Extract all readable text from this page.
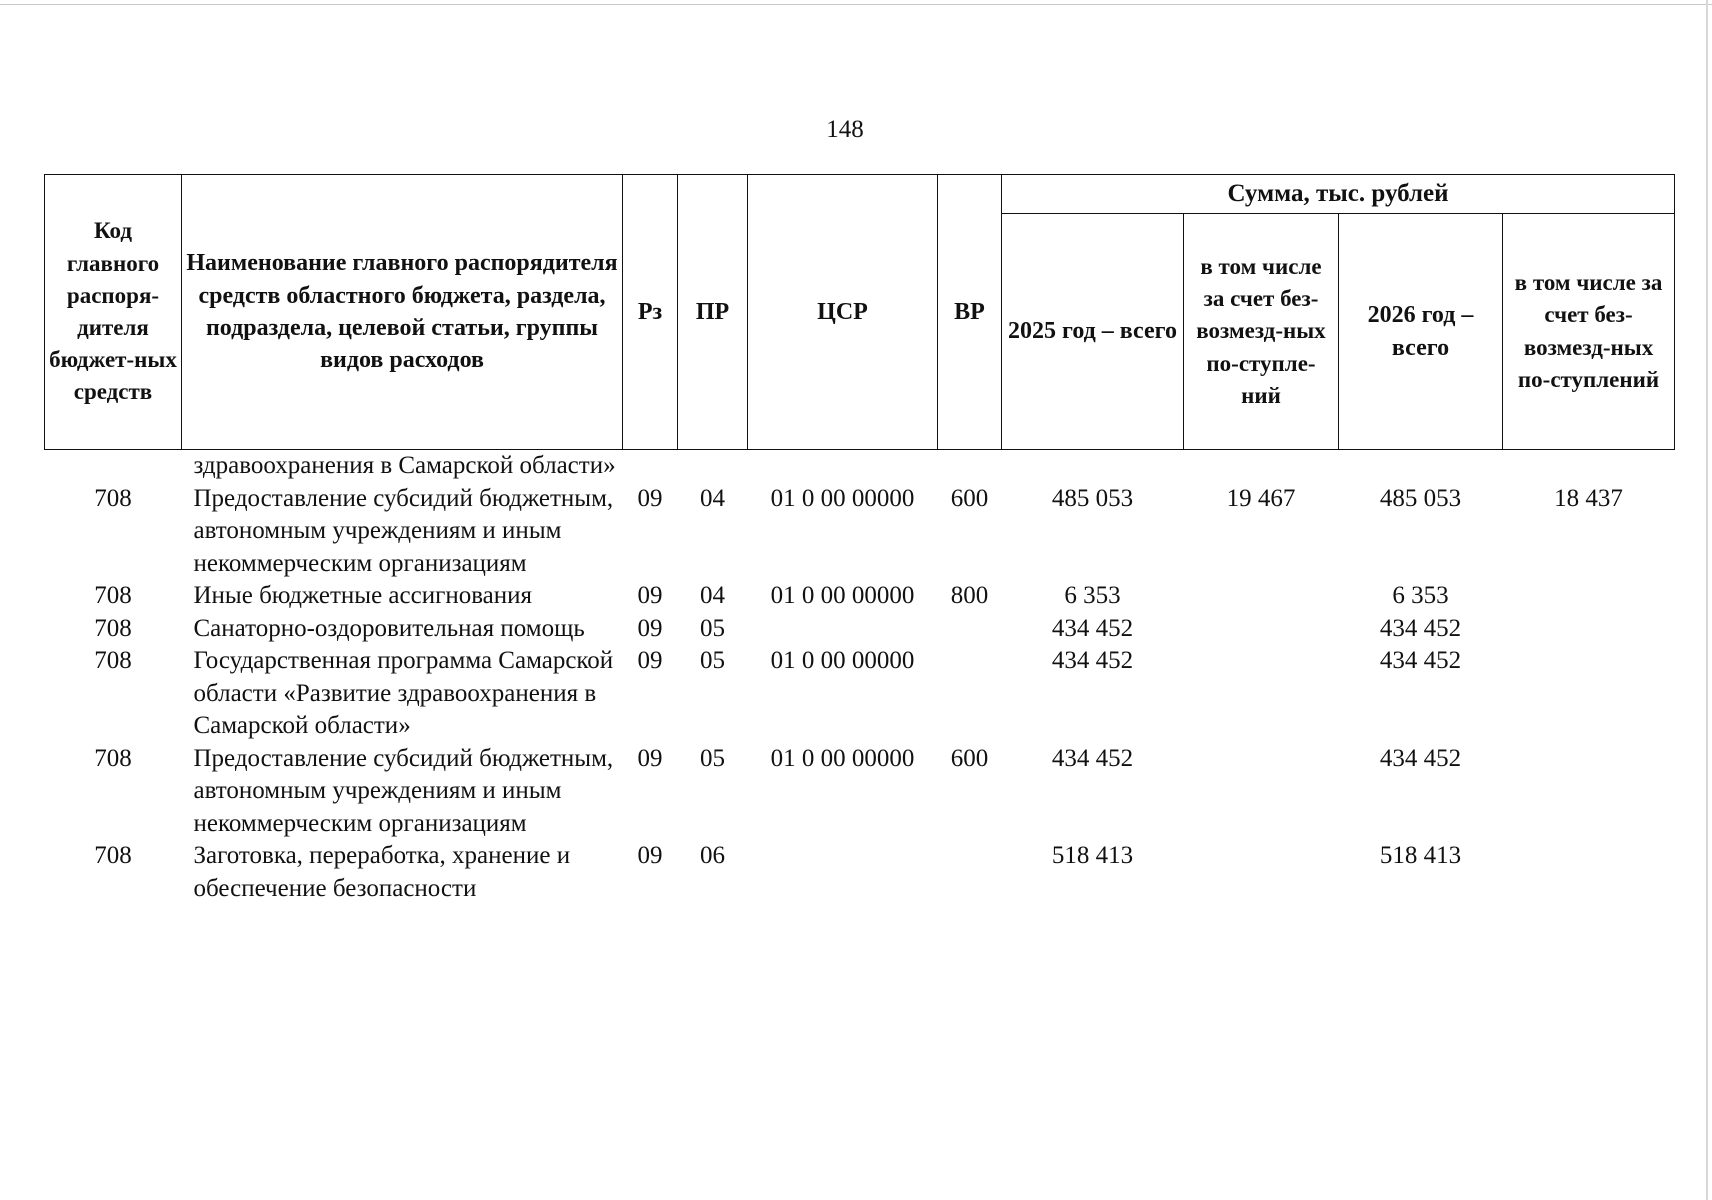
148
Код главного распоря-дителя бюджет-ных средств	Наименование главного распорядителя средств областного бюджета, раздела, подраздела, целевой статьи, группы видов расходов	Рз	ПР	ЦСР	ВР	Сумма, тыс. рублей			
						2025 год – всего	в том числе за счет без-возмезд-ных по-ступле-ний	2026 год – всего	в том числе за счет без-возмезд-ных по-ступлений
	здравоохранения в Самарской области»								
708	Предоставление субсидий бюджетным, автономным учреждениям и иным некоммерческим организациям	09	04	01 0 00 00000	600	485 053	19 467	485 053	18 437
708	Иные бюджетные ассигнования	09	04	01 0 00 00000	800	6 353		6 353	
708	Санаторно-оздоровительная помощь	09	05			434 452		434 452	
708	Государственная программа Самарской области «Развитие здравоохранения в Самарской области»	09	05	01 0 00 00000		434 452		434 452	
708	Предоставление субсидий бюджетным, автономным учреждениям и иным некоммерческим организациям	09	05	01 0 00 00000	600	434 452		434 452	
708	Заготовка, переработка, хранение и обеспечение безопасности	09	06			518 413		518 413	
